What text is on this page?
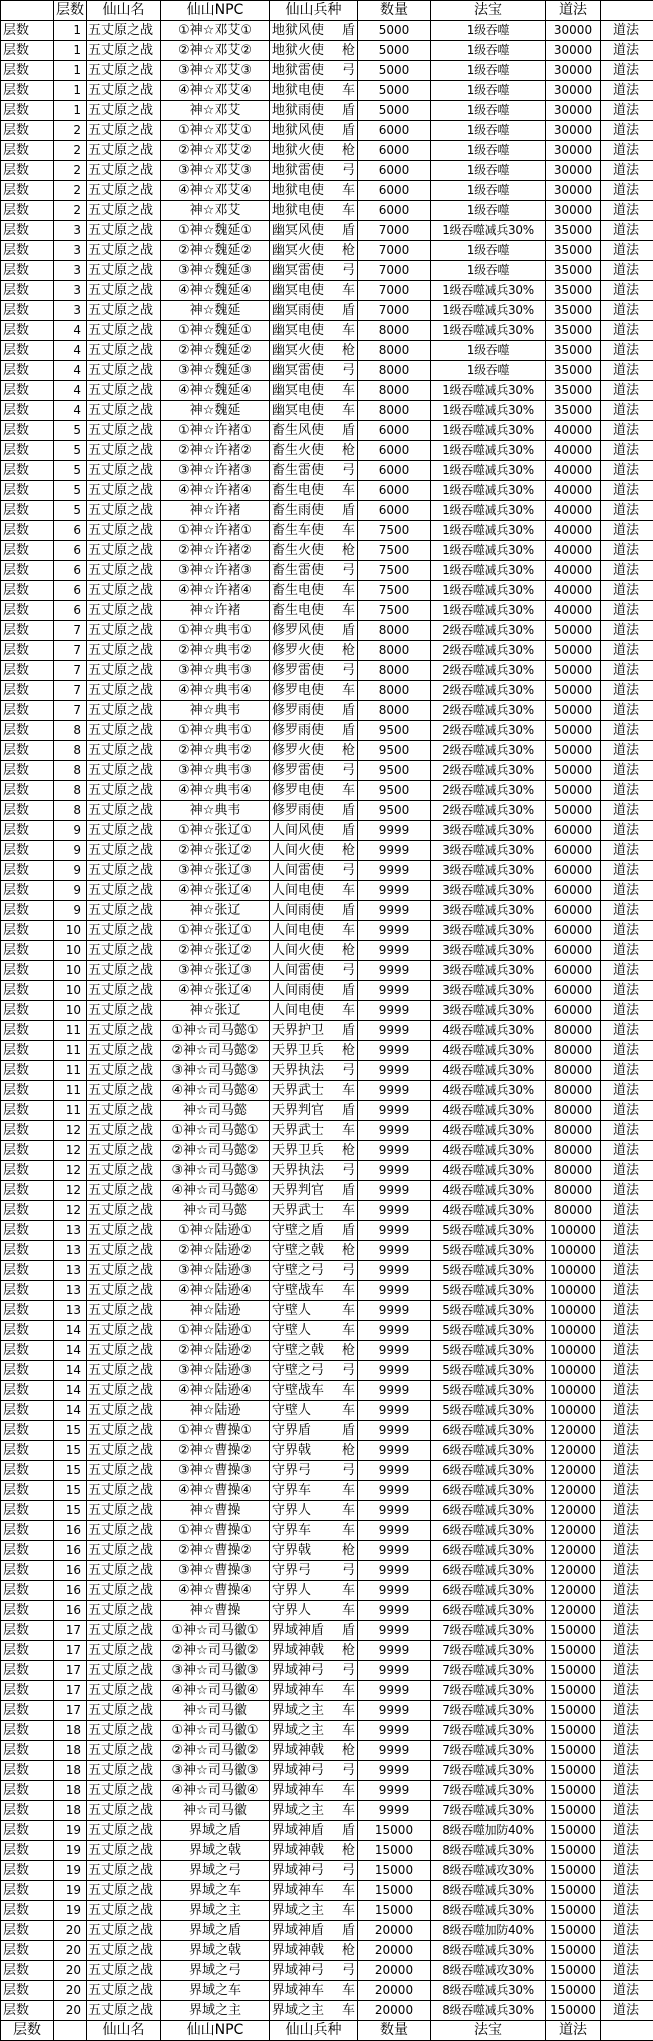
	层数	仙山名	仙山NPC	仙山兵种	数量	法宝	道法	
层数	1	五丈原之战	①神☆邓艾①	地狱风使 盾	5000	1级吞噬	30000	道法
层数	1	五丈原之战	②神☆邓艾②	地狱火使 枪	5000	1级吞噬	30000	道法
层数	1	五丈原之战	③神☆邓艾③	地狱雷使 弓	5000	1级吞噬	30000	道法
层数	1	五丈原之战	④神☆邓艾④	地狱电使 车	5000	1级吞噬	30000	道法
层数	1	五丈原之战	神☆邓艾	地狱雨使 盾	5000	1级吞噬	30000	道法
层数	2	五丈原之战	①神☆邓艾①	地狱风使 盾	6000	1级吞噬	30000	道法
层数	2	五丈原之战	②神☆邓艾②	地狱火使 枪	6000	1级吞噬	30000	道法
层数	2	五丈原之战	③神☆邓艾③	地狱雷使 弓	6000	1级吞噬	30000	道法
层数	2	五丈原之战	④神☆邓艾④	地狱电使 车	6000	1级吞噬	30000	道法
层数	2	五丈原之战	神☆邓艾	地狱电使 车	6000	1级吞噬	30000	道法
层数	3	五丈原之战	①神☆魏延①	幽冥风使 盾	7000	1级吞噬减兵30%	35000	道法
层数	3	五丈原之战	②神☆魏延②	幽冥火使 枪	7000	1级吞噬	35000	道法
层数	3	五丈原之战	③神☆魏延③	幽冥雷使 弓	7000	1级吞噬	35000	道法
层数	3	五丈原之战	④神☆魏延④	幽冥电使 车	7000	1级吞噬减兵30%	35000	道法
层数	3	五丈原之战	神☆魏延	幽冥雨使 盾	7000	1级吞噬减兵30%	35000	道法
层数	4	五丈原之战	①神☆魏延①	幽冥电使 车	8000	1级吞噬减兵30%	35000	道法
层数	4	五丈原之战	②神☆魏延②	幽冥火使 枪	8000	1级吞噬	35000	道法
层数	4	五丈原之战	③神☆魏延③	幽冥雷使 弓	8000	1级吞噬	35000	道法
层数	4	五丈原之战	④神☆魏延④	幽冥电使 车	8000	1级吞噬减兵30%	35000	道法
层数	4	五丈原之战	神☆魏延	幽冥电使 车	8000	1级吞噬减兵30%	35000	道法
层数	5	五丈原之战	①神☆许褚①	畜生风使 盾	6000	1级吞噬减兵30%	40000	道法
层数	5	五丈原之战	②神☆许褚②	畜生火使 枪	6000	1级吞噬减兵30%	40000	道法
层数	5	五丈原之战	③神☆许褚③	畜生雷使 弓	6000	1级吞噬减兵30%	40000	道法
层数	5	五丈原之战	④神☆许褚④	畜生电使 车	6000	1级吞噬减兵30%	40000	道法
层数	5	五丈原之战	神☆许褚	畜生雨使 盾	6000	1级吞噬减兵30%	40000	道法
层数	6	五丈原之战	①神☆许褚①	畜生车使 车	7500	1级吞噬减兵30%	40000	道法
层数	6	五丈原之战	②神☆许褚②	畜生火使 枪	7500	1级吞噬减兵30%	40000	道法
层数	6	五丈原之战	③神☆许褚③	畜生雷使 弓	7500	1级吞噬减兵30%	40000	道法
层数	6	五丈原之战	④神☆许褚④	畜生电使 车	7500	1级吞噬减兵30%	40000	道法
层数	6	五丈原之战	神☆许褚	畜生电使 车	7500	1级吞噬减兵30%	40000	道法
层数	7	五丈原之战	①神☆典韦①	修罗风使 盾	8000	2级吞噬减兵30%	50000	道法
层数	7	五丈原之战	②神☆典韦②	修罗火使 枪	8000	2级吞噬减兵30%	50000	道法
层数	7	五丈原之战	③神☆典韦③	修罗雷使 弓	8000	2级吞噬减兵30%	50000	道法
层数	7	五丈原之战	④神☆典韦④	修罗电使 车	8000	2级吞噬减兵30%	50000	道法
层数	7	五丈原之战	神☆典韦	修罗雨使 盾	8000	2级吞噬减兵30%	50000	道法
层数	8	五丈原之战	①神☆典韦①	修罗雨使 盾	9500	2级吞噬减兵30%	50000	道法
层数	8	五丈原之战	②神☆典韦②	修罗火使 枪	9500	2级吞噬减兵30%	50000	道法
层数	8	五丈原之战	③神☆典韦③	修罗雷使 弓	9500	2级吞噬减兵30%	50000	道法
层数	8	五丈原之战	④神☆典韦④	修罗电使 车	9500	2级吞噬减兵30%	50000	道法
层数	8	五丈原之战	神☆典韦	修罗雨使 盾	9500	2级吞噬减兵30%	50000	道法
层数	9	五丈原之战	①神☆张辽①	人间风使 盾	9999	3级吞噬减兵30%	60000	道法
层数	9	五丈原之战	②神☆张辽②	人间火使 枪	9999	3级吞噬减兵30%	60000	道法
层数	9	五丈原之战	③神☆张辽③	人间雷使 弓	9999	3级吞噬减兵30%	60000	道法
层数	9	五丈原之战	④神☆张辽④	人间电使 车	9999	3级吞噬减兵30%	60000	道法
层数	9	五丈原之战	神☆张辽	人间雨使 盾	9999	3级吞噬减兵30%	60000	道法
层数	10	五丈原之战	①神☆张辽①	人间电使 车	9999	3级吞噬减兵30%	60000	道法
层数	10	五丈原之战	②神☆张辽②	人间火使 枪	9999	3级吞噬减兵30%	60000	道法
层数	10	五丈原之战	③神☆张辽③	人间雷使 弓	9999	3级吞噬减兵30%	60000	道法
层数	10	五丈原之战	④神☆张辽④	人间雨使 盾	9999	3级吞噬减兵30%	60000	道法
层数	10	五丈原之战	神☆张辽	人间电使 车	9999	3级吞噬减兵30%	60000	道法
层数	11	五丈原之战	①神☆司马懿①	天界护卫 盾	9999	4级吞噬减兵30%	80000	道法
层数	11	五丈原之战	②神☆司马懿②	天界卫兵 枪	9999	4级吞噬减兵30%	80000	道法
层数	11	五丈原之战	③神☆司马懿③	天界执法 弓	9999	4级吞噬减兵30%	80000	道法
层数	11	五丈原之战	④神☆司马懿④	天界武士 车	9999	4级吞噬减兵30%	80000	道法
层数	11	五丈原之战	神☆司马懿	天界判官 盾	9999	4级吞噬减兵30%	80000	道法
层数	12	五丈原之战	①神☆司马懿①	天界武士 车	9999	4级吞噬减兵30%	80000	道法
层数	12	五丈原之战	②神☆司马懿②	天界卫兵 枪	9999	4级吞噬减兵30%	80000	道法
层数	12	五丈原之战	③神☆司马懿③	天界执法 弓	9999	4级吞噬减兵30%	80000	道法
层数	12	五丈原之战	④神☆司马懿④	天界判官 盾	9999	4级吞噬减兵30%	80000	道法
层数	12	五丈原之战	神☆司马懿	天界武士 车	9999	4级吞噬减兵30%	80000	道法
层数	13	五丈原之战	①神☆陆逊①	守壁之盾 盾	9999	5级吞噬减兵30%	100000	道法
层数	13	五丈原之战	②神☆陆逊②	守壁之戟 枪	9999	5级吞噬减兵30%	100000	道法
层数	13	五丈原之战	③神☆陆逊③	守壁之弓 弓	9999	5级吞噬减兵30%	100000	道法
层数	13	五丈原之战	④神☆陆逊④	守壁战车 车	9999	5级吞噬减兵30%	100000	道法
层数	13	五丈原之战	神☆陆逊	守壁人 车	9999	5级吞噬减兵30%	100000	道法
层数	14	五丈原之战	①神☆陆逊①	守壁人 车	9999	5级吞噬减兵30%	100000	道法
层数	14	五丈原之战	②神☆陆逊②	守壁之戟 枪	9999	5级吞噬减兵30%	100000	道法
层数	14	五丈原之战	③神☆陆逊③	守壁之弓 弓	9999	5级吞噬减兵30%	100000	道法
层数	14	五丈原之战	④神☆陆逊④	守壁战车 车	9999	5级吞噬减兵30%	100000	道法
层数	14	五丈原之战	神☆陆逊	守壁人 车	9999	5级吞噬减兵30%	100000	道法
层数	15	五丈原之战	①神☆曹操①	守界盾 盾	9999	6级吞噬减兵30%	120000	道法
层数	15	五丈原之战	②神☆曹操②	守界戟 枪	9999	6级吞噬减兵30%	120000	道法
层数	15	五丈原之战	③神☆曹操③	守界弓 弓	9999	6级吞噬减兵30%	120000	道法
层数	15	五丈原之战	④神☆曹操④	守界车 车	9999	6级吞噬减兵30%	120000	道法
层数	15	五丈原之战	神☆曹操	守界人 车	9999	6级吞噬减兵30%	120000	道法
层数	16	五丈原之战	①神☆曹操①	守界车 车	9999	6级吞噬减兵30%	120000	道法
层数	16	五丈原之战	②神☆曹操②	守界戟 枪	9999	6级吞噬减兵30%	120000	道法
层数	16	五丈原之战	③神☆曹操③	守界弓 弓	9999	6级吞噬减兵30%	120000	道法
层数	16	五丈原之战	④神☆曹操④	守界人 车	9999	6级吞噬减兵30%	120000	道法
层数	16	五丈原之战	神☆曹操	守界人 车	9999	6级吞噬减兵30%	120000	道法
层数	17	五丈原之战	①神☆司马徽①	界域神盾 盾	9999	7级吞噬减兵30%	150000	道法
层数	17	五丈原之战	②神☆司马徽②	界域神戟 枪	9999	7级吞噬减兵30%	150000	道法
层数	17	五丈原之战	③神☆司马徽③	界域神弓 弓	9999	7级吞噬减兵30%	150000	道法
层数	17	五丈原之战	④神☆司马徽④	界域神车 车	9999	7级吞噬减兵30%	150000	道法
层数	17	五丈原之战	神☆司马徽	界域之主 车	9999	7级吞噬减兵30%	150000	道法
层数	18	五丈原之战	①神☆司马徽①	界域之主 车	9999	7级吞噬减兵30%	150000	道法
层数	18	五丈原之战	②神☆司马徽②	界域神戟 枪	9999	7级吞噬减兵30%	150000	道法
层数	18	五丈原之战	③神☆司马徽③	界域神弓 弓	9999	7级吞噬减兵30%	150000	道法
层数	18	五丈原之战	④神☆司马徽④	界域神车 车	9999	7级吞噬减兵30%	150000	道法
层数	18	五丈原之战	神☆司马徽	界域之主 车	9999	7级吞噬减兵30%	150000	道法
层数	19	五丈原之战	界域之盾	界域神盾 盾	15000	8级吞噬加防40%	150000	道法
层数	19	五丈原之战	界域之戟	界域神戟 枪	15000	8级吞噬减兵30%	150000	道法
层数	19	五丈原之战	界域之弓	界域神弓 弓	15000	8级吞噬减攻30%	150000	道法
层数	19	五丈原之战	界域之车	界域神车 车	15000	8级吞噬减兵30%	150000	道法
层数	19	五丈原之战	界域之主	界域之主 车	15000	8级吞噬减兵30%	150000	道法
层数	20	五丈原之战	界域之盾	界域神盾 盾	20000	8级吞噬加防40%	150000	道法
层数	20	五丈原之战	界域之戟	界域神戟 枪	20000	8级吞噬减兵30%	150000	道法
层数	20	五丈原之战	界域之弓	界域神弓 弓	20000	8级吞噬减攻30%	150000	道法
层数	20	五丈原之战	界域之车	界域神车 车	20000	8级吞噬减兵30%	150000	道法
层数	20	五丈原之战	界域之主	界域之主 车	20000	8级吞噬减兵30%	150000	道法
层数		仙山名	仙山NPC	仙山兵种	数量	法宝	道法	
